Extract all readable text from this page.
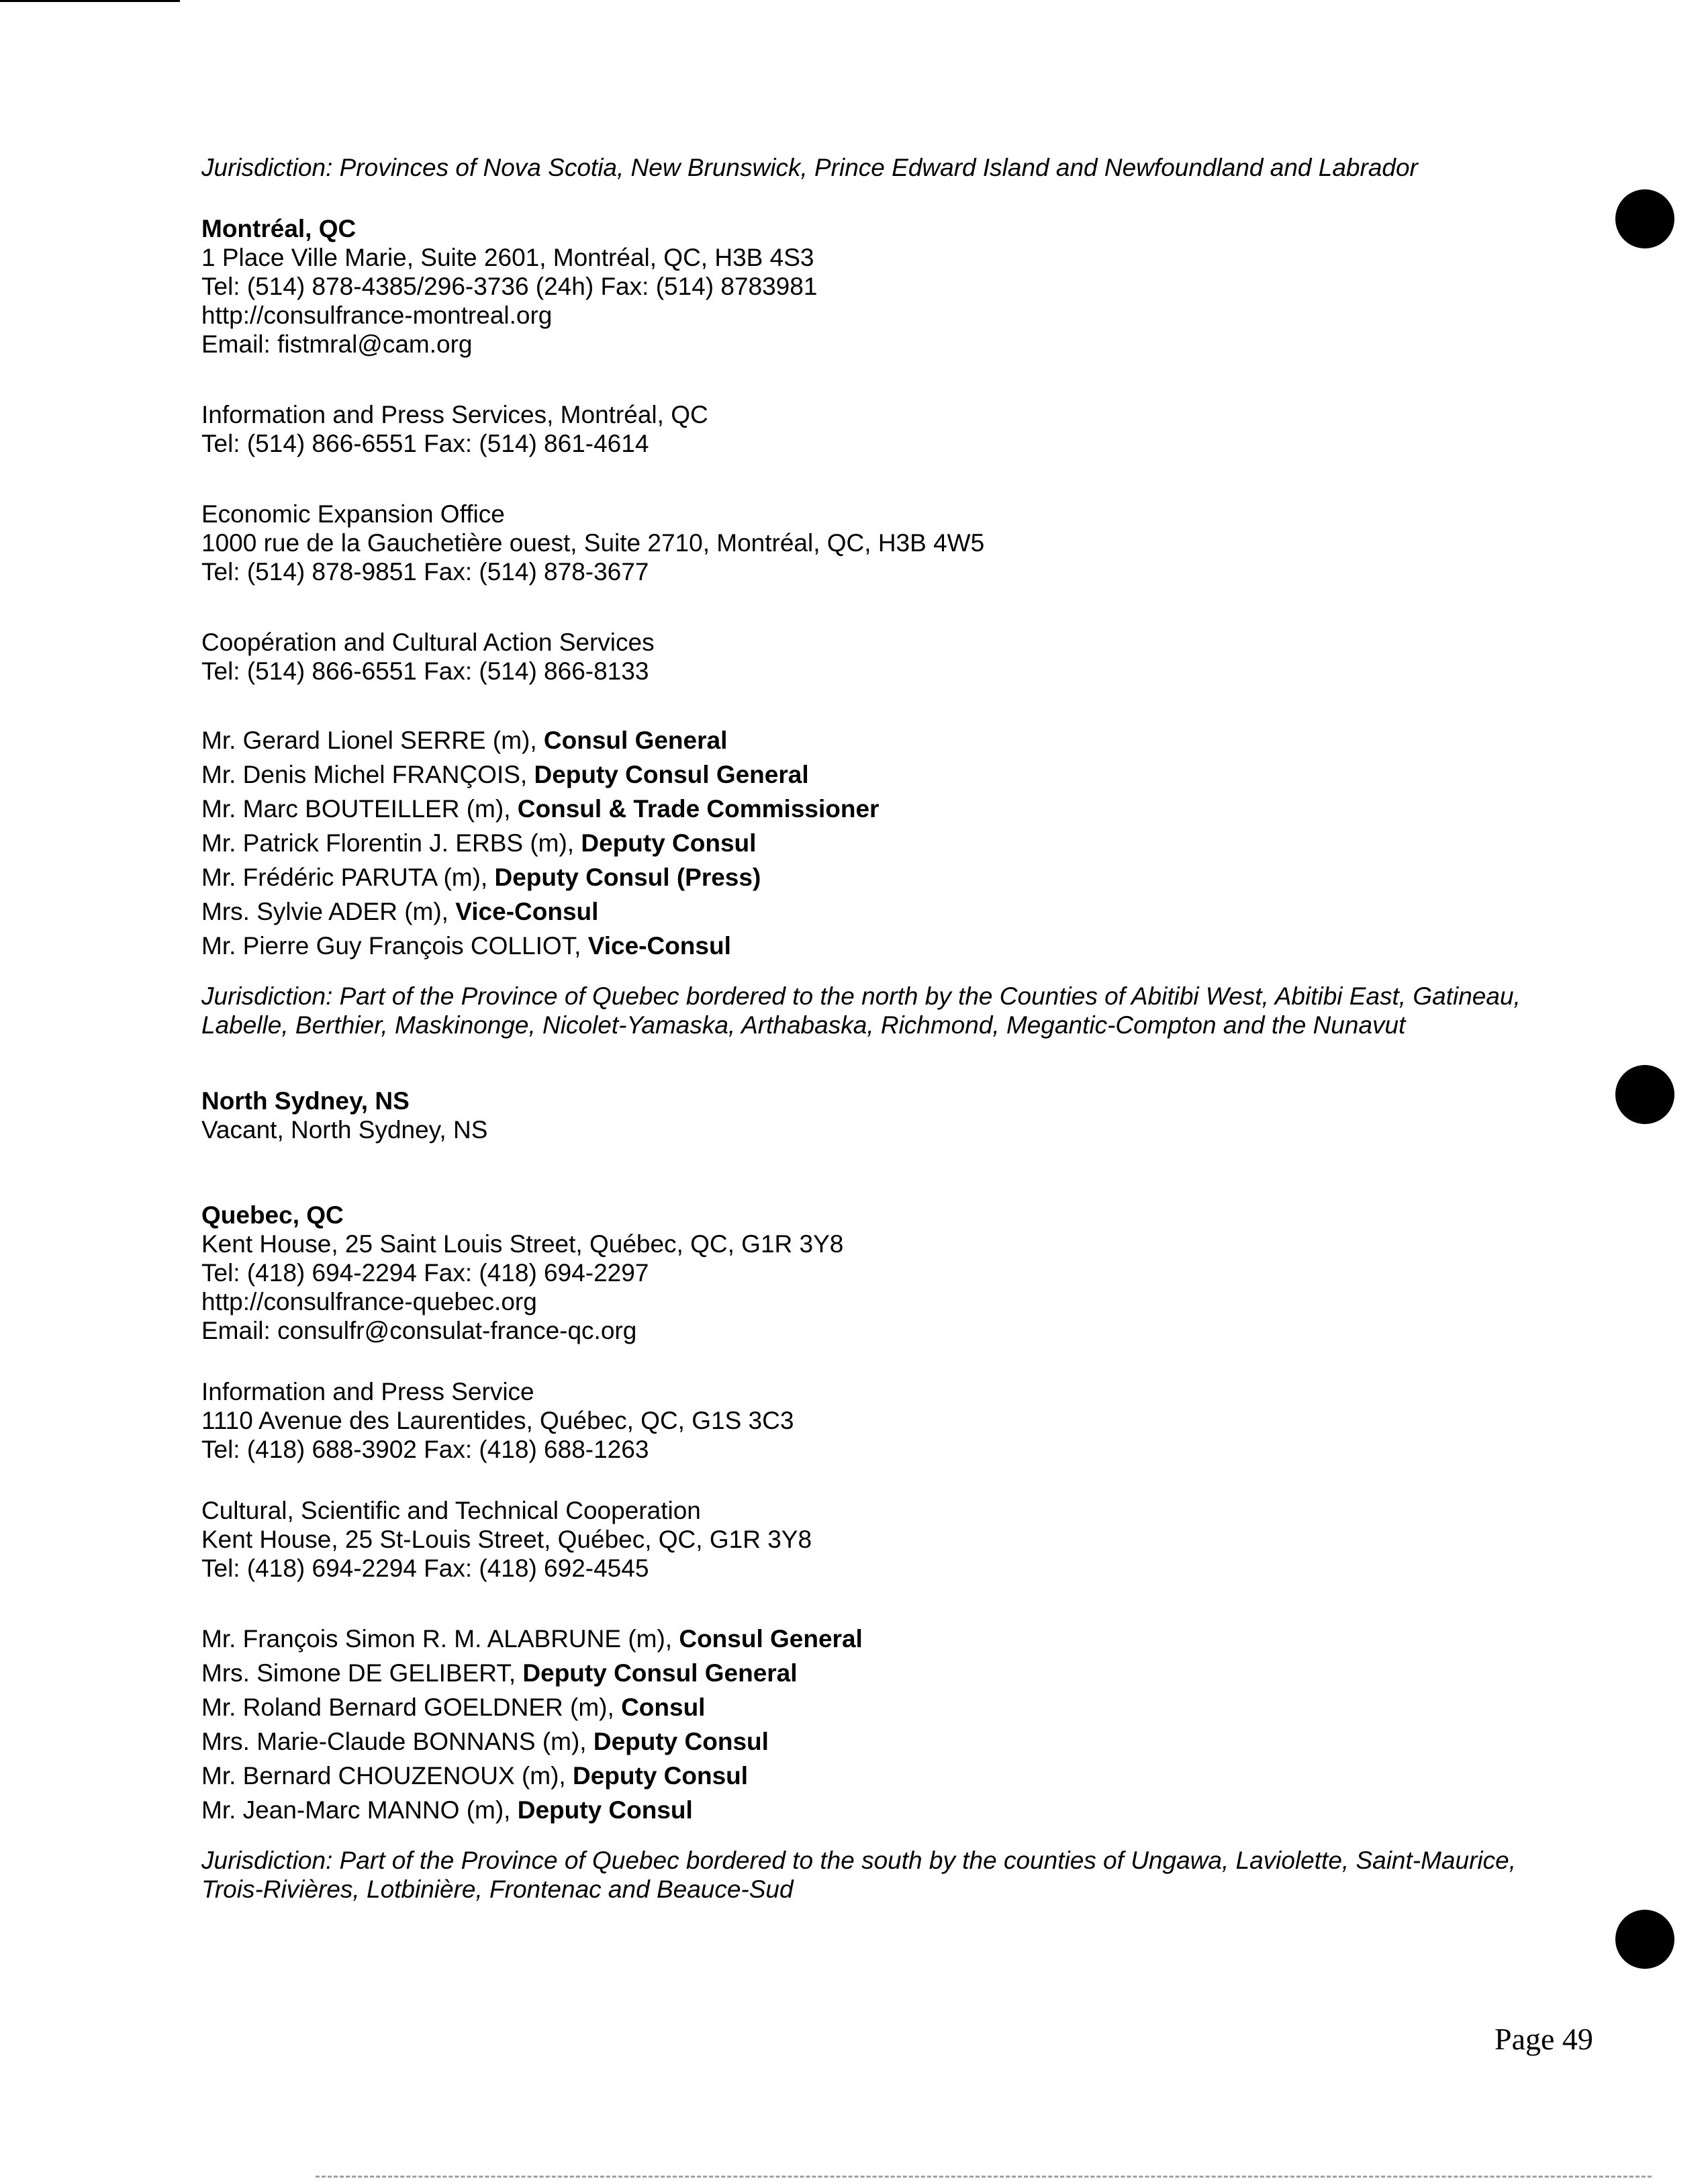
Jurisdiction: Provinces of Nova Scotia, New Brunswick, Prince Edward Island and Newfoundland and Labrador
Montréal, QC
1 Place Ville Marie, Suite 2601, Montréal, QC, H3B 4S3
Tel: (514) 878-4385/296-3736 (24h) Fax: (514) 8783981
http://consulfrance-montreal.org
Email: fistmral@cam.org
Information and Press Services, Montréal, QC
Tel: (514) 866-6551 Fax: (514) 861-4614
Economic Expansion Office
1000 rue de la Gauchetière ouest, Suite 2710, Montréal, QC, H3B 4W5
Tel: (514) 878-9851 Fax: (514) 878-3677
Coopération and Cultural Action Services
Tel: (514) 866-6551 Fax: (514) 866-8133
Mr. Gerard Lionel SERRE (m), Consul General
Mr. Denis Michel FRANÇOIS, Deputy Consul General
Mr. Marc BOUTEILLER (m), Consul & Trade Commissioner
Mr. Patrick Florentin J. ERBS (m), Deputy Consul
Mr. Frédéric PARUTA (m), Deputy Consul (Press)
Mrs. Sylvie ADER (m), Vice-Consul
Mr. Pierre Guy François COLLIOT, Vice-Consul
Jurisdiction: Part of the Province of Quebec bordered to the north by the Counties of Abitibi West, Abitibi East, Gatineau,
Labelle, Berthier, Maskinonge, Nicolet-Yamaska, Arthabaska, Richmond, Megantic-Compton and the Nunavut
North Sydney, NS
Vacant, North Sydney, NS
Quebec, QC
Kent House, 25 Saint Louis Street, Québec, QC, G1R 3Y8
Tel: (418) 694-2294 Fax: (418) 694-2297
http://consulfrance-quebec.org
Email: consulfr@consulat-france-qc.org
Information and Press Service
1110 Avenue des Laurentides, Québec, QC, G1S 3C3
Tel: (418) 688-3902 Fax: (418) 688-1263
Cultural, Scientific and Technical Cooperation
Kent House, 25 St-Louis Street, Québec, QC, G1R 3Y8
Tel: (418) 694-2294 Fax: (418) 692-4545
Mr. François Simon R. M. ALABRUNE (m), Consul General
Mrs. Simone DE GELIBERT, Deputy Consul General
Mr. Roland Bernard GOELDNER (m), Consul
Mrs. Marie-Claude BONNANS (m), Deputy Consul
Mr. Bernard CHOUZENOUX (m), Deputy Consul
Mr. Jean-Marc MANNO (m), Deputy Consul
Jurisdiction: Part of the Province of Quebec bordered to the south by the counties of Ungawa, Laviolette, Saint-Maurice,
Trois-Rivières, Lotbinière, Frontenac and Beauce-Sud
Page 49
